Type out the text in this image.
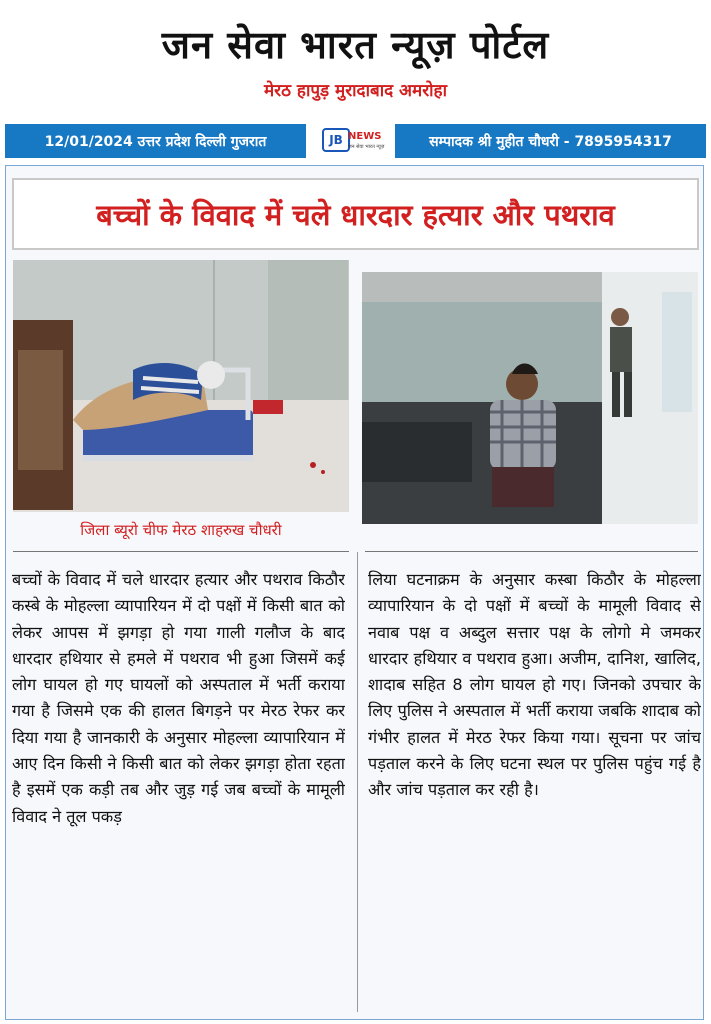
जन सेवा भारत न्यूज़ पोर्टल
मेरठ हापुड़ मुरादाबाद अमरोहा
12/01/2024 उत्तर प्रदेश दिल्ली गुजरात	JB NEWS
जन सेवा भारत न्यूज़	सम्पादक श्री मुहीत चौधरी - 7895954317
बच्चों के विवाद में चले धारदार हत्यार और पथराव
जिला ब्यूरो चीफ मेरठ शाहरुख चौधरी
बच्चों के विवाद में चले धारदार हत्यार और पथराव किठौर कस्बे के मोहल्ला व्यापारियन में दो पक्षों में किसी बात को लेकर आपस में झगड़ा हो गया गाली गलौज के बाद धारदार हथियार से हमले में पथराव भी हुआ जिसमें कई लोग घायल हो गए घायलों को अस्पताल में भर्ती कराया गया है जिसमे एक की हालत बिगड़ने पर मेरठ रेफर कर दिया गया है जानकारी के अनुसार मोहल्ला व्यापारियान में आए दिन किसी ने किसी बात को लेकर झगड़ा होता रहता है इसमें एक कड़ी तब और जुड़ गई जब बच्चों के मामूली विवाद ने तूल पकड़
लिया घटनाक्रम के अनुसार कस्बा किठौर के मोहल्ला व्यापारियान के दो पक्षों में बच्चों के मामूली विवाद से नवाब पक्ष व अब्दुल सत्तार पक्ष के लोगो मे जमकर धारदार हथियार व पथराव हुआ। अजीम, दानिश, खालिद, शादाब सहित 8 लोग घायल हो गए। जिनको उपचार के लिए पुलिस ने अस्पताल में भर्ती कराया जबकि शादाब को गंभीर हालत में मेरठ रेफर किया गया। सूचना पर जांच पड़ताल करने के लिए घटना स्थल पर पुलिस पहुंच गई है और जांच पड़ताल कर रही है।
